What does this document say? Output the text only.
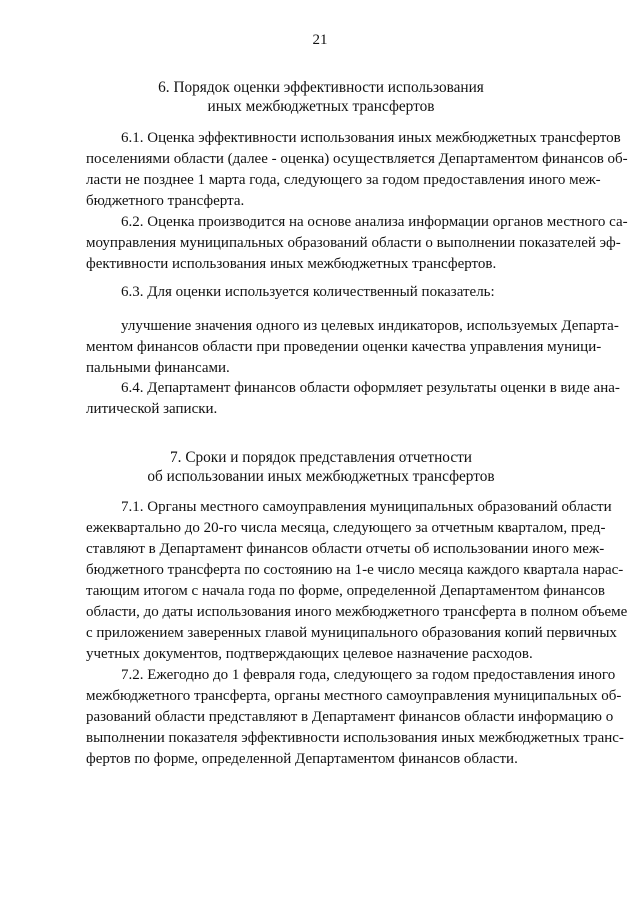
21
6. Порядок оценки эффективности использования
иных межбюджетных трансфертов
6.1. Оценка эффективности использования иных межбюджетных трансфертов
поселениями области (далее - оценка) осуществляется Департаментом финансов об-
ласти не позднее 1 марта года, следующего за годом предоставления иного меж-
бюджетного трансферта.
6.2. Оценка производится на основе анализа информации органов местного са-
моуправления муниципальных образований области о выполнении показателей эф-
фективности использования иных межбюджетных трансфертов.
6.3. Для оценки используется количественный показатель:
улучшение значения одного из целевых индикаторов, используемых Департа-
ментом финансов области при проведении оценки качества управления муници-
пальными финансами.
6.4. Департамент финансов области оформляет результаты оценки в виде ана-
литической записки.
7. Сроки и порядок представления отчетности
об использовании иных межбюджетных трансфертов
7.1. Органы местного самоуправления муниципальных образований области
ежеквартально до 20-го числа месяца, следующего за отчетным кварталом, пред-
ставляют в Департамент финансов области отчеты об использовании иного меж-
бюджетного трансферта по состоянию на 1-е число месяца каждого квартала нарас-
тающим итогом с начала года по форме, определенной Департаментом финансов
области, до даты использования иного межбюджетного трансферта в полном объеме
с приложением заверенных главой муниципального образования копий первичных
учетных документов, подтверждающих целевое назначение расходов.
7.2. Ежегодно до 1 февраля года, следующего за годом предоставления иного
межбюджетного трансферта, органы местного самоуправления муниципальных об-
разований области представляют в Департамент финансов области информацию о
выполнении показателя эффективности использования иных межбюджетных транс-
фертов по форме, определенной Департаментом финансов области.
